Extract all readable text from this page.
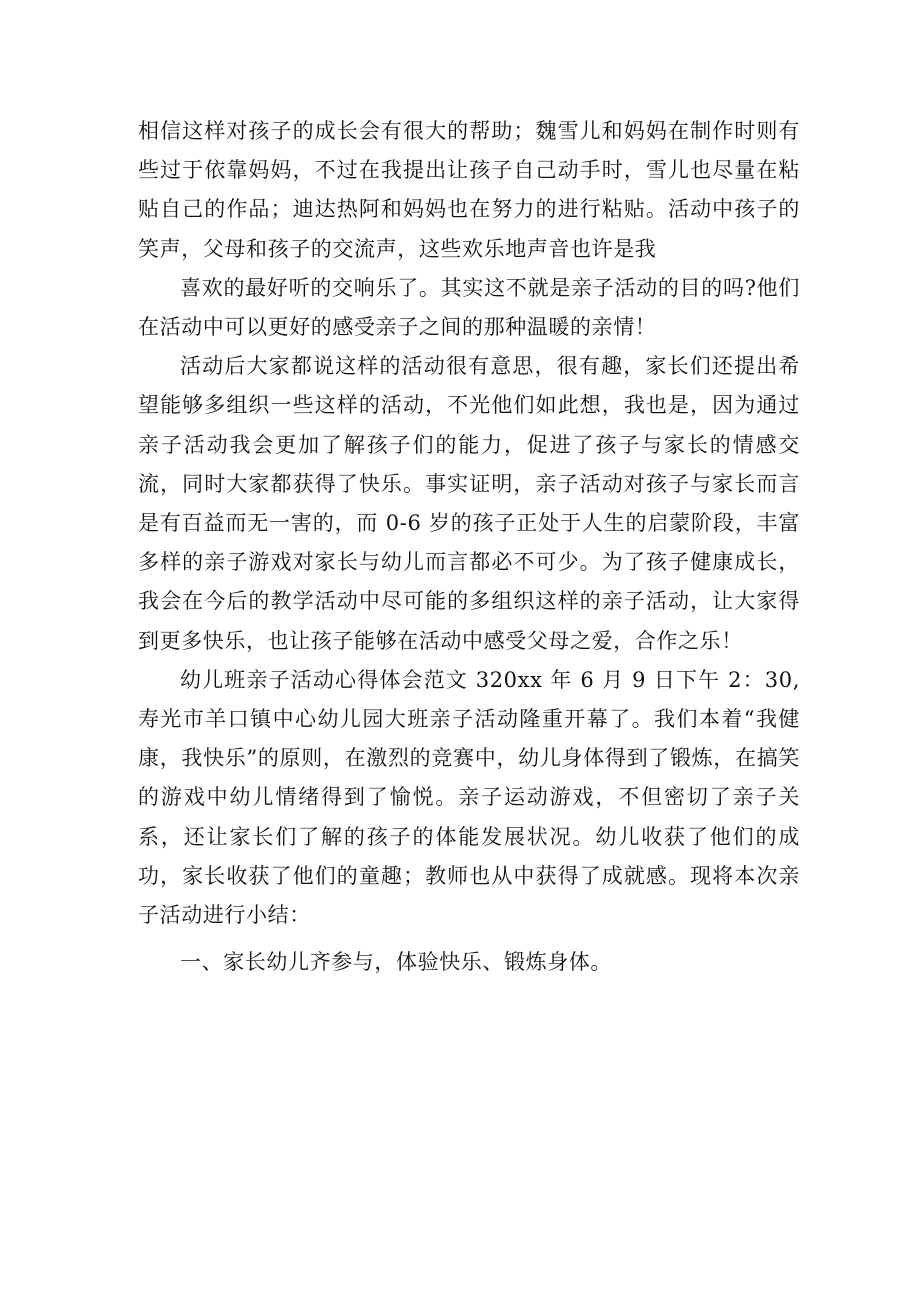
相信这样对孩子的成长会有很大的帮助；魏雪儿和妈妈在制作时则有些过于依靠妈妈，不过在我提出让孩子自己动手时，雪儿也尽量在粘贴自己的作品；迪达热阿和妈妈也在努力的进行粘贴。活动中孩子的笑声，父母和孩子的交流声，这些欢乐地声音也许是我

喜欢的最好听的交响乐了。其实这不就是亲子活动的目的吗?他们在活动中可以更好的感受亲子之间的那种温暖的亲情！

活动后大家都说这样的活动很有意思，很有趣，家长们还提出希望能够多组织一些这样的活动，不光他们如此想，我也是，因为通过亲子活动我会更加了解孩子们的能力，促进了孩子与家长的情感交流，同时大家都获得了快乐。事实证明，亲子活动对孩子与家长而言是有百益而无一害的，而 0-6 岁的孩子正处于人生的启蒙阶段，丰富多样的亲子游戏对家长与幼儿而言都必不可少。为了孩子健康成长，我会在今后的教学活动中尽可能的多组织这样的亲子活动，让大家得到更多快乐，也让孩子能够在活动中感受父母之爱，合作之乐！

幼儿班亲子活动心得体会范文 320xx 年 6 月 9 日下午 2：30,寿光市羊口镇中心幼儿园大班亲子活动隆重开幕了。我们本着“我健康，我快乐”的原则，在激烈的竞赛中，幼儿身体得到了锻炼，在搞笑的游戏中幼儿情绪得到了愉悦。亲子运动游戏，不但密切了亲子关系，还让家长们了解的孩子的体能发展状况。幼儿收获了他们的成功，家长收获了他们的童趣；教师也从中获得了成就感。现将本次亲子活动进行小结：

一、家长幼儿齐参与，体验快乐、锻炼身体。
